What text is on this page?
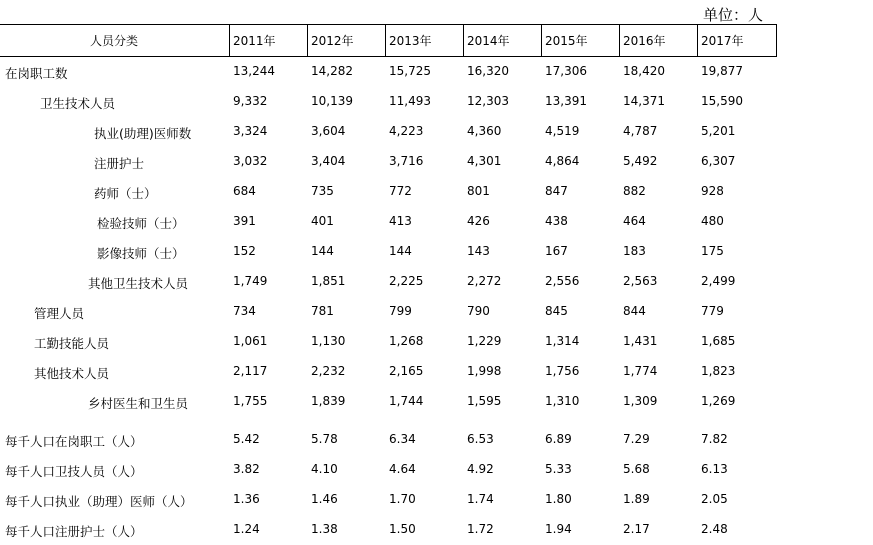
单位：人
人员分类	2011年	2012年	2013年	2014年	2015年	2016年	2017年
在岗职工数	13,244	14,282	15,725	16,320	17,306	18,420	19,877
卫生技术人员	9,332	10,139	11,493	12,303	13,391	14,371	15,590
执业(助理)医师数	3,324	3,604	4,223	4,360	4,519	4,787	5,201
注册护士	3,032	3,404	3,716	4,301	4,864	5,492	6,307
药师（士）	684	735	772	801	847	882	928
检验技师（士）	391	401	413	426	438	464	480
影像技师（士）	152	144	144	143	167	183	175
其他卫生技术人员	1,749	1,851	2,225	2,272	2,556	2,563	2,499
管理人员	734	781	799	790	845	844	779
工勤技能人员	1,061	1,130	1,268	1,229	1,314	1,431	1,685
其他技术人员	2,117	2,232	2,165	1,998	1,756	1,774	1,823
乡村医生和卫生员	1,755	1,839	1,744	1,595	1,310	1,309	1,269
每千人口在岗职工（人）	5.42	5.78	6.34	6.53	6.89	7.29	7.82
每千人口卫技人员（人）	3.82	4.10	4.64	4.92	5.33	5.68	6.13
每千人口执业（助理）医师（人）	1.36	1.46	1.70	1.74	1.80	1.89	2.05
每千人口注册护士（人）	1.24	1.38	1.50	1.72	1.94	2.17	2.48
